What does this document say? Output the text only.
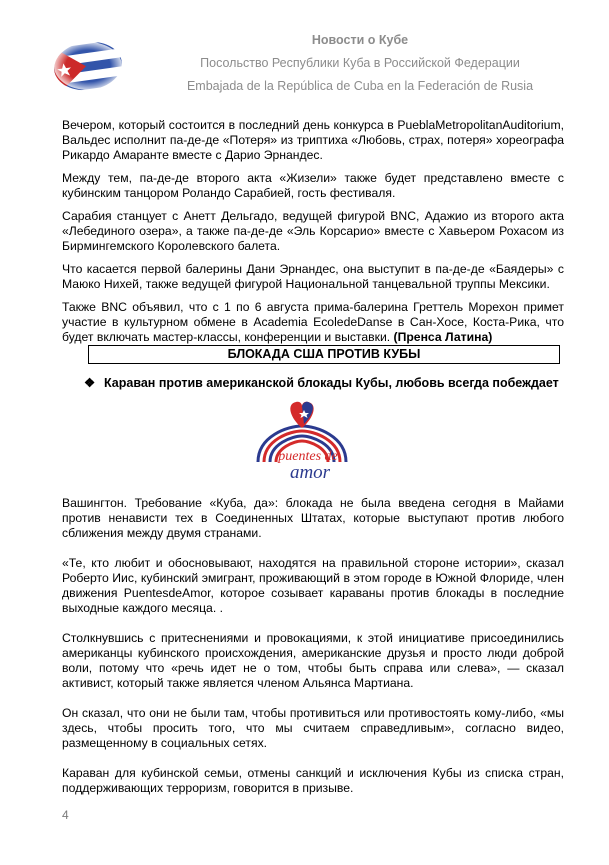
Новости о Кубе
Посольство Республики Куба в Российской Федерации
Embajada de la República de Cuba en la Federación de Rusia

Вечером, который состоится в последний день конкурса в PueblaMetropolitanAuditorium, Вальдес исполнит па-де-де «Потеря» из триптиха «Любовь, страх, потеря» хореографа Рикардо Амаранте вместе с Дарио Эрнандес.

Между тем, па-де-де второго акта «Жизели» также будет представлено вместе с кубинским танцором Роландо Сарабией, гость фестиваля.

Сарабия станцует с Анетт Дельгадо, ведущей фигурой BNC, Адажио из второго акта «Лебединого озера», а также па-де-де «Эль Корсарио» вместе с Хавьером Рохасом из Бирмингемского Королевского балета.

Что касается первой балерины Дани Эрнандес, она выступит в па-де-де «Баядеры» с Маюко Нихей, также ведущей фигурой Национальной танцевальной труппы Мексики.

Также BNC объявил, что с 1 по 6 августа прима-балерина Греттель Морехон примет участие в культурном обмене в Academia EcoledeDanse в Сан-Хосе, Коста-Рика, что будет включать мастер-классы, конференции и выставки. (Пренса Латина)

БЛОКАДА США ПРОТИВ КУБЫ
❖ Караван против американской блокады Кубы, любовь всегда побеждает
puentes de
amor

Вашингтон. Требование «Куба, да»: блокада не была введена сегодня в Майами против ненависти тех в Соединенных Штатах, которые выступают против любого сближения между двумя странами.

«Те, кто любит и обосновывают, находятся на правильной стороне истории», сказал Роберто Иис, кубинский эмигрант, проживающий в этом городе в Южной Флориде, член движения PuentesdeAmor, которое созывает караваны против блокады в последние выходные каждого месяца. .

Столкнувшись с притеснениями и провокациями, к этой инициативе присоединились американцы кубинского происхождения, американские друзья и просто люди доброй воли, потому что «речь идет не о том, чтобы быть справа или слева», — сказал активист, который также является членом Альянса Мартиана.

Он сказал, что они не были там, чтобы противиться или противостоять кому-либо, «мы здесь, чтобы просить того, что мы считаем справедливым», согласно видео, размещенному в социальных сетях.

Караван для кубинской семьи, отмены санкций и исключения Кубы из списка стран, поддерживающих терроризм, говорится в призыве.

4
